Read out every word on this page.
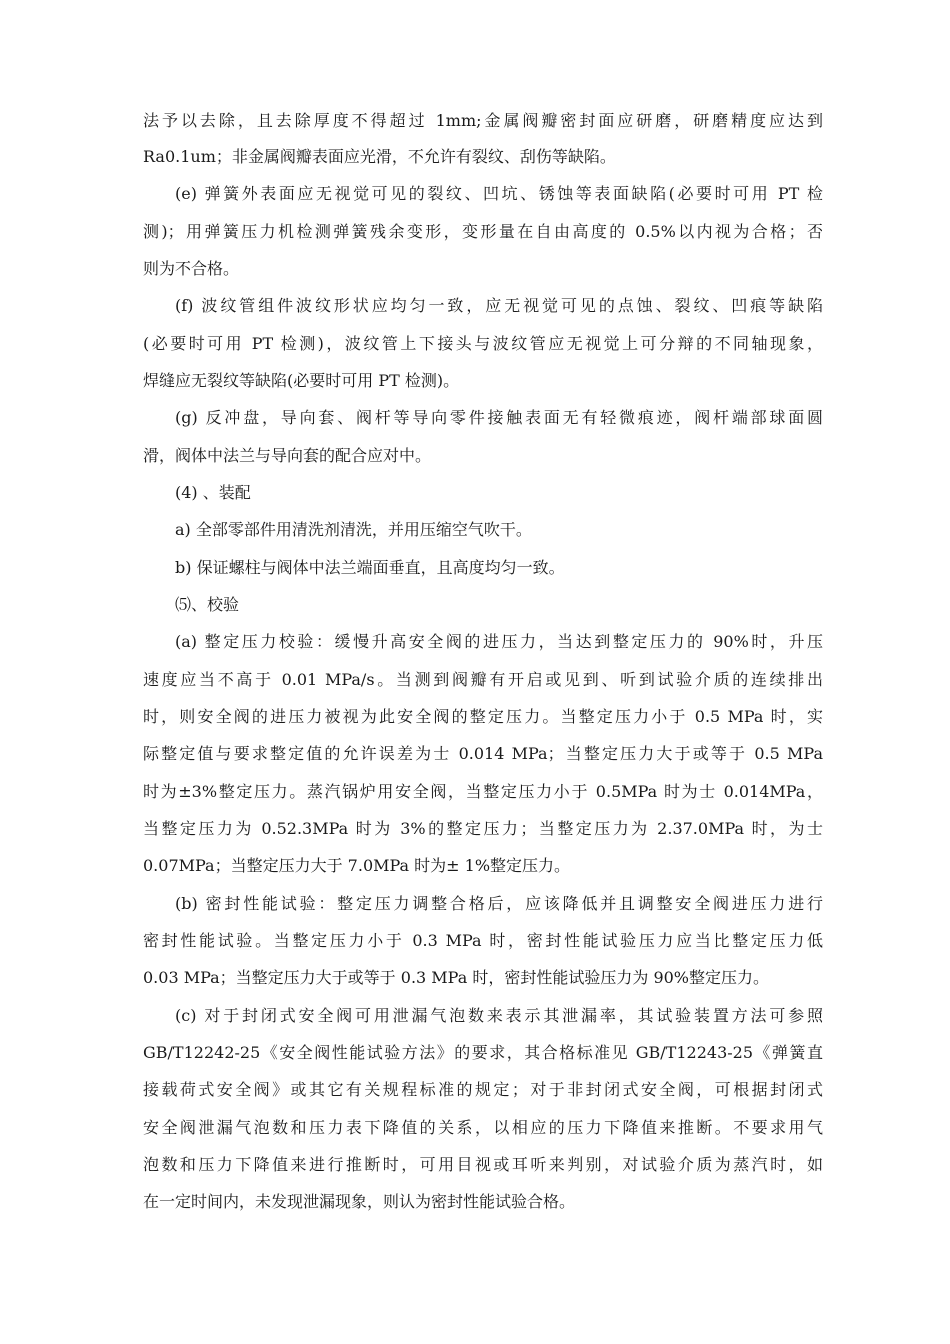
法予以去除，且去除厚度不得超过 1mm;金属阀瓣密封面应研磨，研磨精度应达到
Ra0.1um；非金属阀瓣表面应光滑，不允许有裂纹、刮伤等缺陷。
(e) 弹簧外表面应无视觉可见的裂纹、凹坑、锈蚀等表面缺陷(必要时可用 PT 检
测)；用弹簧压力机检测弹簧残余变形，变形量在自由高度的 0.5%以内视为合格；否
则为不合格。
(f) 波纹管组件波纹形状应均匀一致，应无视觉可见的点蚀、裂纹、凹痕等缺陷
(必要时可用 PT 检测)，波纹管上下接头与波纹管应无视觉上可分辩的不同轴现象，
焊缝应无裂纹等缺陷(必要时可用 PT 检测)。
(g) 反冲盘，导向套、阀杆等导向零件接触表面无有轻微痕迹，阀杆端部球面圆
滑，阀体中法兰与导向套的配合应对中。
(4) 、装配
a) 全部零部件用清洗剂清洗，并用压缩空气吹干。
b) 保证螺柱与阀体中法兰端面垂直，且高度均匀一致。
⑸、校验
(a) 整定压力校验：缓慢升高安全阀的进压力，当达到整定压力的 90%时，升压
速度应当不高于 0.01 MPa/s。当测到阀瓣有开启或见到、听到试验介质的连续排出
时，则安全阀的进压力被视为此安全阀的整定压力。当整定压力小于 0.5 MPa 时，实
际整定值与要求整定值的允许误差为士 0.014 MPa；当整定压力大于或等于 0.5 MPa
时为±3%整定压力。蒸汽锅炉用安全阀，当整定压力小于 0.5MPa 时为士 0.014MPa，
当整定压力为 0.52.3MPa 时为 3%的整定压力；当整定压力为 2.37.0MPa 时，为士
0.07MPa；当整定压力大于 7.0MPa 时为± 1%整定压力。
(b) 密封性能试验：整定压力调整合格后，应该降低并且调整安全阀进压力进行
密封性能试验。当整定压力小于 0.3 MPa 时，密封性能试验压力应当比整定压力低
0.03 MPa；当整定压力大于或等于 0.3 MPa 时，密封性能试验压力为 90%整定压力。
(c) 对于封闭式安全阀可用泄漏气泡数来表示其泄漏率，其试验装置方法可参照
GB/T12242-25《安全阀性能试验方法》的要求，其合格标准见 GB/T12243-25《弹簧直
接载荷式安全阀》或其它有关规程标准的规定；对于非封闭式安全阀，可根据封闭式
安全阀泄漏气泡数和压力表下降值的关系，以相应的压力下降值来推断。不要求用气
泡数和压力下降值来进行推断时，可用目视或耳听来判别，对试验介质为蒸汽时，如
在一定时间内，未发现泄漏现象，则认为密封性能试验合格。
